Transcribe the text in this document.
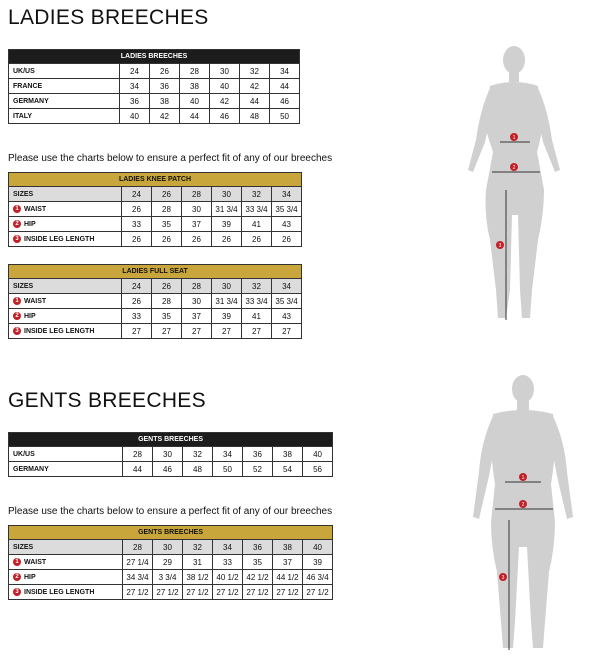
LADIES BREECHES
LADIES BREECHES						
UK/US	24	26	28	30	32	34
FRANCE	34	36	38	40	42	44
GERMANY	36	38	40	42	44	46
ITALY	40	42	44	46	48	50
Please use the charts below to ensure a perfect fit of any of our breeches
LADIES KNEE PATCH						
SIZES	24	26	28	30	32	34
1 WAIST	26	28	30	31 3/4	33 3/4	35 3/4
2 HIP	33	35	37	39	41	43
3 INSIDE LEG LENGTH	26	26	26	26	26	26
LADIES FULL SEAT						
SIZES	24	26	28	30	32	34
1 WAIST	26	28	30	31 3/4	33 3/4	35 3/4
2 HIP	33	35	37	39	41	43
3 INSIDE LEG LENGTH	27	27	27	27	27	27
1
2
3
GENTS BREECHES
GENTS BREECHES							
UK/US	28	30	32	34	36	38	40
GERMANY	44	46	48	50	52	54	56
Please use the charts below to ensure a perfect fit of any of our breeches
GENTS BREECHES							
SIZES	28	30	32	34	36	38	40
1 WAIST	27 1/4	29	31	33	35	37	39
2 HIP	34 3/4	3 3/4	38 1/2	40 1/2	42 1/2	44 1/2	46 3/4
3 INSIDE LEG LENGTH	27 1/2	27 1/2	27 1/2	27 1/2	27 1/2	27 1/2	27 1/2
1
2
3
